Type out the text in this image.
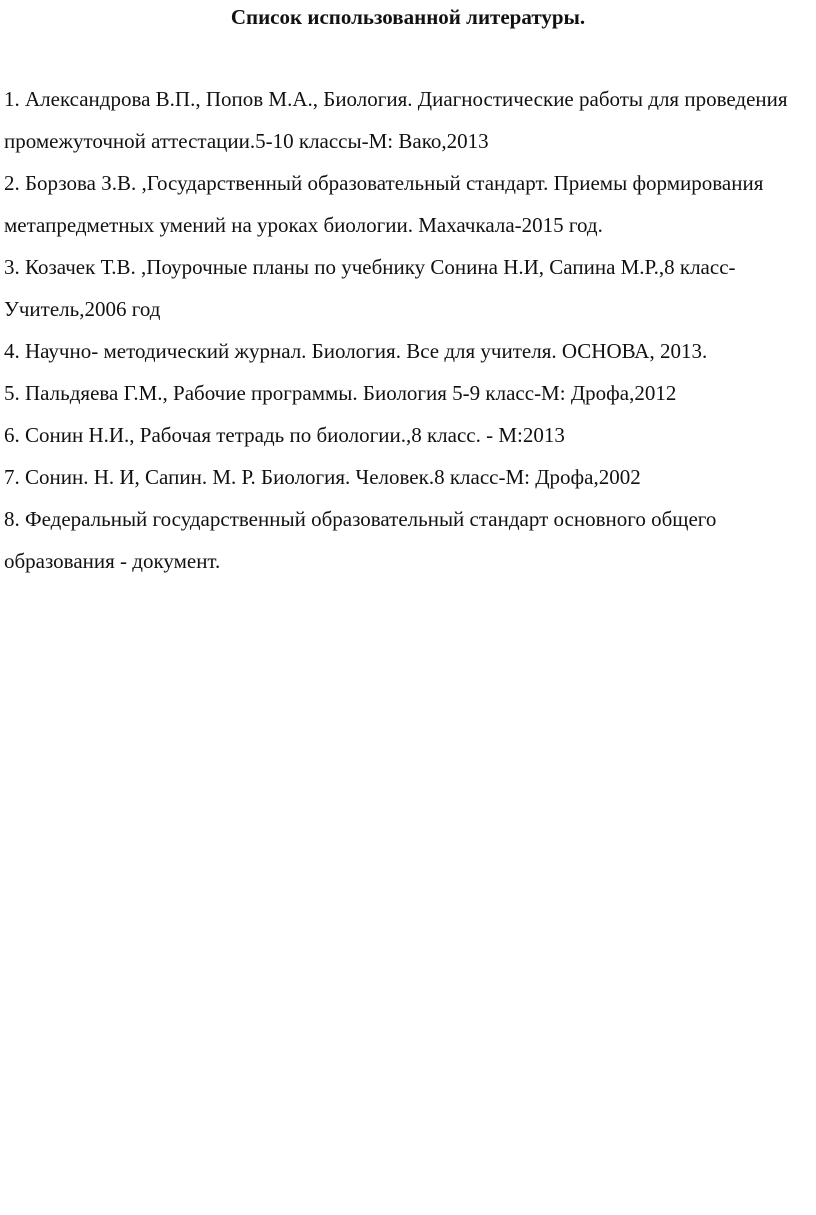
Список использованной литературы.
1. Александрова В.П., Попов М.А., Биология. Диагностические работы для проведения промежуточной аттестации.5-10 классы-М: Вако,2013
2. Борзова З.В. ,Государственный образовательный стандарт. Приемы формирования метапредметных умений на уроках биологии. Махачкала-2015 год.
3. Козачек Т.В. ,Поурочные планы по учебнику Сонина Н.И, Сапина М.Р.,8 класс-Учитель,2006 год
4. Научно- методический журнал. Биология. Все для учителя. ОСНОВА, 2013.
5. Пальдяева Г.М., Рабочие программы. Биология 5-9 класс-М: Дрофа,2012
6. Сонин Н.И., Рабочая тетрадь по биологии.,8 класс. - М:2013
7. Сонин. Н. И, Сапин. М. Р. Биология. Человек.8 класс-М: Дрофа,2002
8. Федеральный государственный образовательный стандарт основного общего образования - документ.
